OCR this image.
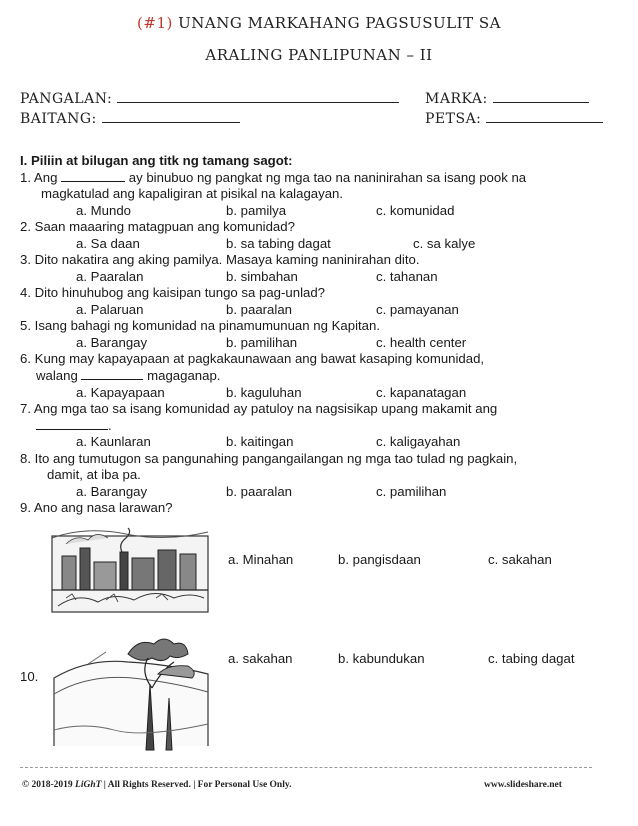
(#1) UNANG MARKAHANG PAGSUSULIT SA
ARALING PANLIPUNAN – II
PANGALAN:	MARKA:
BAITANG:	PETSA:
I. Piliin at bilugan ang titk ng tamang sagot:
1. Ang	ay binubuo ng pangkat ng mga tao na naninirahan sa isang pook na
magkatulad ang kapaligiran at pisikal na kalagayan.
a. Mundo	b. pamilya	c. komunidad
2. Saan maaaring matagpuan ang komunidad?
a. Sa daan	b. sa tabing dagat	c. sa kalye
3. Dito nakatira ang aking pamilya. Masaya kaming naninirahan dito.
a. Paaralan	b. simbahan	c. tahanan
4. Dito hinuhubog ang kaisipan tungo sa pag-unlad?
a. Palaruan	b. paaralan	c. pamayanan
5. Isang bahagi ng komunidad na pinamumunuan ng Kapitan.
a. Barangay	b. pamilihan	c. health center
6. Kung may kapayapaan at pagkakaunawaan ang bawat kasaping komunidad,
walang	magaganap.
a. Kapayapaan	b. kaguluhan	c. kapanatagan
7. Ang mga tao sa isang komunidad ay patuloy na nagsisikap upang makamit ang
.
a. Kaunlaran	b. kaitingan	c. kaligayahan
8. Ito ang tumutugon sa pangunahing pangangailangan ng mga tao tulad ng pagkain,
damit, at iba pa.
a. Barangay	b. paaralan	c. pamilihan
9. Ano ang nasa larawan?
a. Minahan	b. pangisdaan	c. sakahan
10.
a. sakahan	b. kabundukan	c. tabing dagat
© 2018-2019 LiGhT | All Rights Reserved. | For Personal Use Only.	www.slideshare.net
